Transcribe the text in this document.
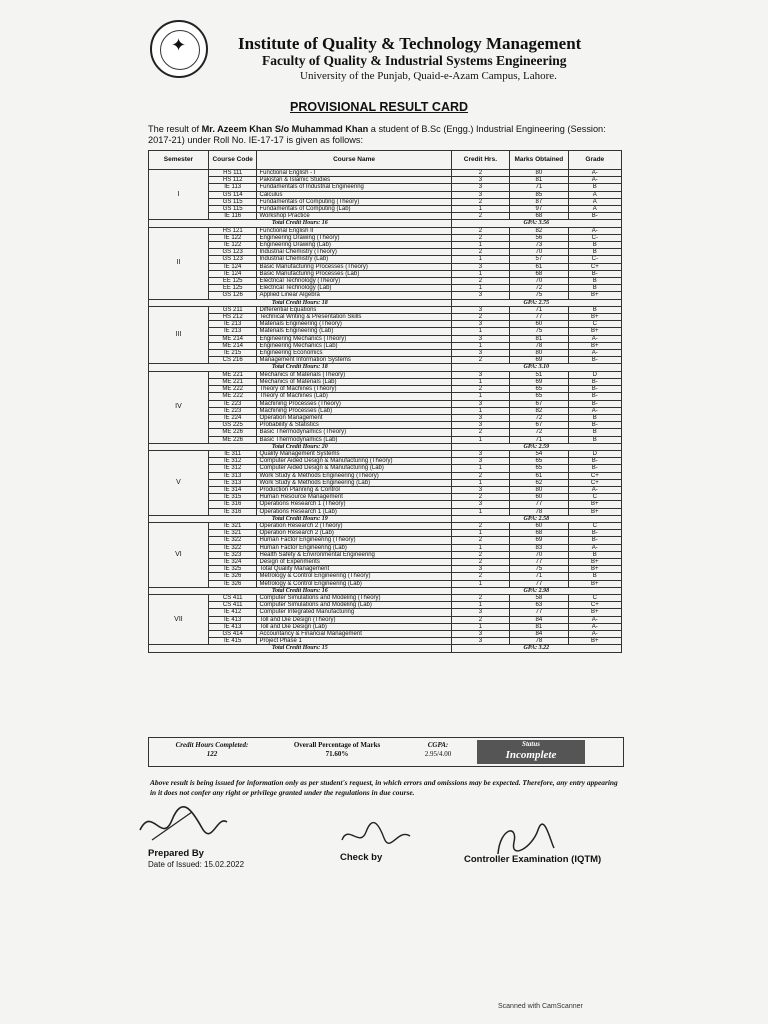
✦	Institute of Quality & Technology Management
Faculty of Quality & Industrial Systems Engineering
University of the Punjab, Quaid-e-Azam Campus, Lahore.
PROVISIONAL RESULT CARD
The result of Mr. Azeem Khan S/o Muhammad Khan a student of B.Sc (Engg.) Industrial Engineering (Session: 2017-21) under Roll No. IE-17-17 is given as follows:
Semester	Course Code	Course Name	Credit Hrs.	Marks Obtained	Grade
I	HS 111	Functional English - I	2	80	A-
	HS 112	Pakistan & Islamic Studies	3	81	A-
	IE 113	Fundamentals of Industrial Engineering	3	71	B
	GS 114	Calculus	3	85	A
	GS 115	Fundamentals of Computing (Theory)	2	87	A
	GS 115	Fundamentals of Computing (Lab)	1	97	A
	IE 116	Workshop Practice	2	68	B-
Total Credit Hours: 16			GPA: 3.56		
II	HS 121	Functional English II	2	82	A-
	IE 122	Engineering Drawing (Theory)	2	56	C-
	IE 122	Engineering Drawing (Lab)	1	73	B
	GS 123	Industrial Chemistry (Theory)	2	70	B
	GS 123	Industrial Chemistry (Lab)	1	57	C-
	IE 124	Basic Manufacturing Processes (Theory)	3	61	C+
	IE 124	Basic Manufacturing Processes (Lab)	1	68	B-
	EE 125	Electrical Technology (Theory)	2	70	B
	EE 125	Electrical Technology (Lab)	1	72	B
	GS 126	Applied Linear Algebra	3	75	B+
Total Credit Hours: 18			GPA: 2.75		
III	GS 211	Differential Equations	3	71	B
	HS 212	Technical Writing & Presentation Skills	2	77	B+
	IE 213	Materials Engineering (Theory)	3	60	C
	IE 213	Materials Engineering (Lab)	1	75	B+
	ME 214	Engineering Mechanics (Theory)	3	81	A-
	ME 214	Engineering Mechanics (Lab)	1	78	B+
	IE 215	Engineering Economics	3	80	A-
	CS 216	Management Information Systems	2	69	B-
Total Credit Hours: 18			GPA: 3.10		
IV	ME 221	Mechanics of Materials (Theory)	3	51	D
	ME 221	Mechanics of Materials (Lab)	1	69	B-
	ME 222	Theory of Machines (Theory)	2	65	B-
	ME 222	Theory of Machines (Lab)	1	65	B-
	IE 223	Machining Processes (Theory)	3	67	B-
	IE 223	Machining Processes (Lab)	1	82	A-
	IE 224	Operation Management	3	72	B
	GS 225	Probability & Statistics	3	67	B-
	ME 226	Basic Thermodynamics (Theory)	2	72	B
	ME 226	Basic Thermodynamics (Lab)	1	71	B
Total Credit Hours: 20			GPA: 2.59		
V	IE 311	Quality Management Systems	3	54	D
	IE 312	Computer Aided Design & Manufacturing (Theory)	3	65	B-
	IE 312	Computer Aided Design & Manufacturing (Lab)	1	65	B-
	IE 313	Work Study & Methods Engineering (Theory)	2	61	C+
	IE 313	Work Study & Methods Engineering (Lab)	1	62	C+
	IE 314	Production Planning & Control	3	80	A-
	IE 315	Human Resource Management	2	60	C
	IE 316	Operations Research 1 (Theory)	3	77	B+
	IE 316	Operations Research 1 (Lab)	1	78	B+
Total Credit Hours: 19			GPA: 2.58		
VI	IE 321	Operation Research 2 (Theory)	2	60	C
	IE 321	Operation Research 2 (Lab)	1	68	B-
	IE 322	Human Factor Engineering (Theory)	2	69	B-
	IE 322	Human Factor Engineering (Lab)	1	83	A-
	IE 323	Health Safety & Environmental Engineering	2	70	B
	IE 324	Design of Experiments	2	77	B+
	IE 325	Total Quality Management	3	75	B+
	IE 326	Metrology & Control Engineering (Theory)	2	71	B
	IE 326	Metrology & Control Engineering (Lab)	1	77	B+
Total Credit Hours: 16			GPA: 2.98		
VII	CS 411	Computer Simulations and Modeling (Theory)	2	58	C
	CS 411	Computer Simulations and Modeling (Lab)	1	63	C+
	IE 412	Computer Integrated Manufacturing	3	77	B+
	IE 413	Toll and Die Design (Theory)	2	84	A-
	IE 413	Toll and Die Design (Lab)	1	81	A-
	GS 414	Accountancy & Financial Management	3	84	A-
	IE 415	Project Phase 1	3	78	B+
Total Credit Hours: 15			GPA: 3.22		
Credit Hours Completed:
122
Overall Percentage of Marks
71.60%
CGPA:
2.95/4.00
Status
Incomplete
Above result is being issued for information only as per student's request, in which errors and omissions may be expected. Therefore, any entry appearing in it does not confer any right or privilege granted under the regulations in due course.
Prepared By
Date of Issued: 15.02.2022
Check by	Controller Examination (IQTM)
Scanned with CamScanner
